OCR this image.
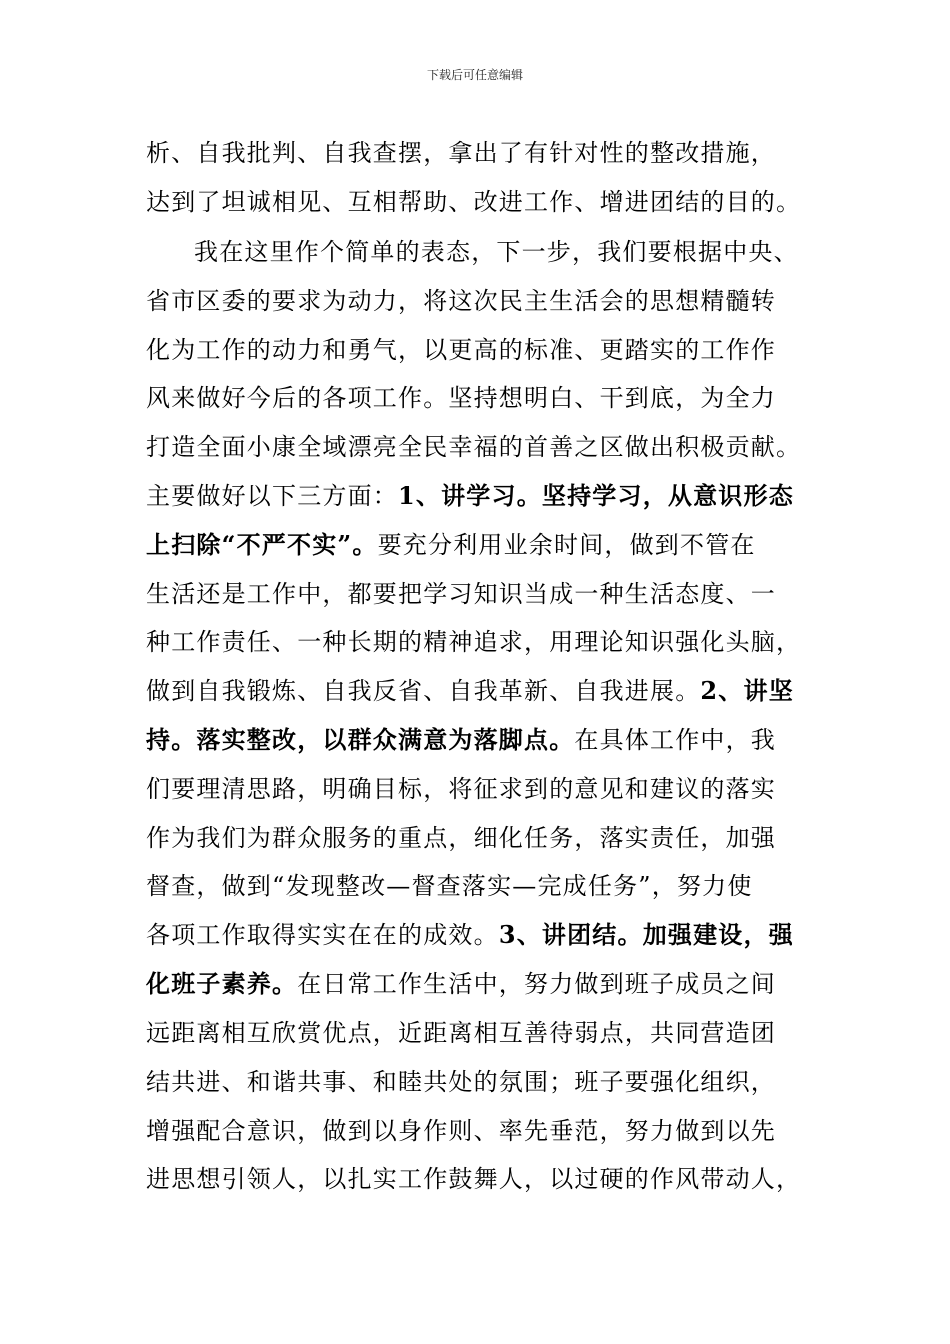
下载后可任意编辑
析、自我批判、自我查摆，拿出了有针对性的整改措施，
达到了坦诚相见、互相帮助、改进工作、增进团结的目的。
我在这里作个简单的表态，下一步，我们要根据中央、
省市区委的要求为动力，将这次民主生活会的思想精髓转
化为工作的动力和勇气，以更高的标准、更踏实的工作作
风来做好今后的各项工作。坚持想明白、干到底，为全力
打造全面小康全域漂亮全民幸福的首善之区做出积极贡献。
主要做好以下三方面：1、讲学习。坚持学习，从意识形态
上扫除“不严不实”。要充分利用业余时间，做到不管在
生活还是工作中，都要把学习知识当成一种生活态度、一
种工作责任、一种长期的精神追求，用理论知识强化头脑，
做到自我锻炼、自我反省、自我革新、自我进展。2、讲坚
持。落实整改，以群众满意为落脚点。在具体工作中，我
们要理清思路，明确目标，将征求到的意见和建议的落实
作为我们为群众服务的重点，细化任务，落实责任，加强
督查，做到“发现整改—督查落实—完成任务”，努力使
各项工作取得实实在在的成效。3、讲团结。加强建设，强
化班子素养。在日常工作生活中，努力做到班子成员之间
远距离相互欣赏优点，近距离相互善待弱点，共同营造团
结共进、和谐共事、和睦共处的氛围；班子要强化组织，
增强配合意识，做到以身作则、率先垂范，努力做到以先
进思想引领人，以扎实工作鼓舞人，以过硬的作风带动人，
